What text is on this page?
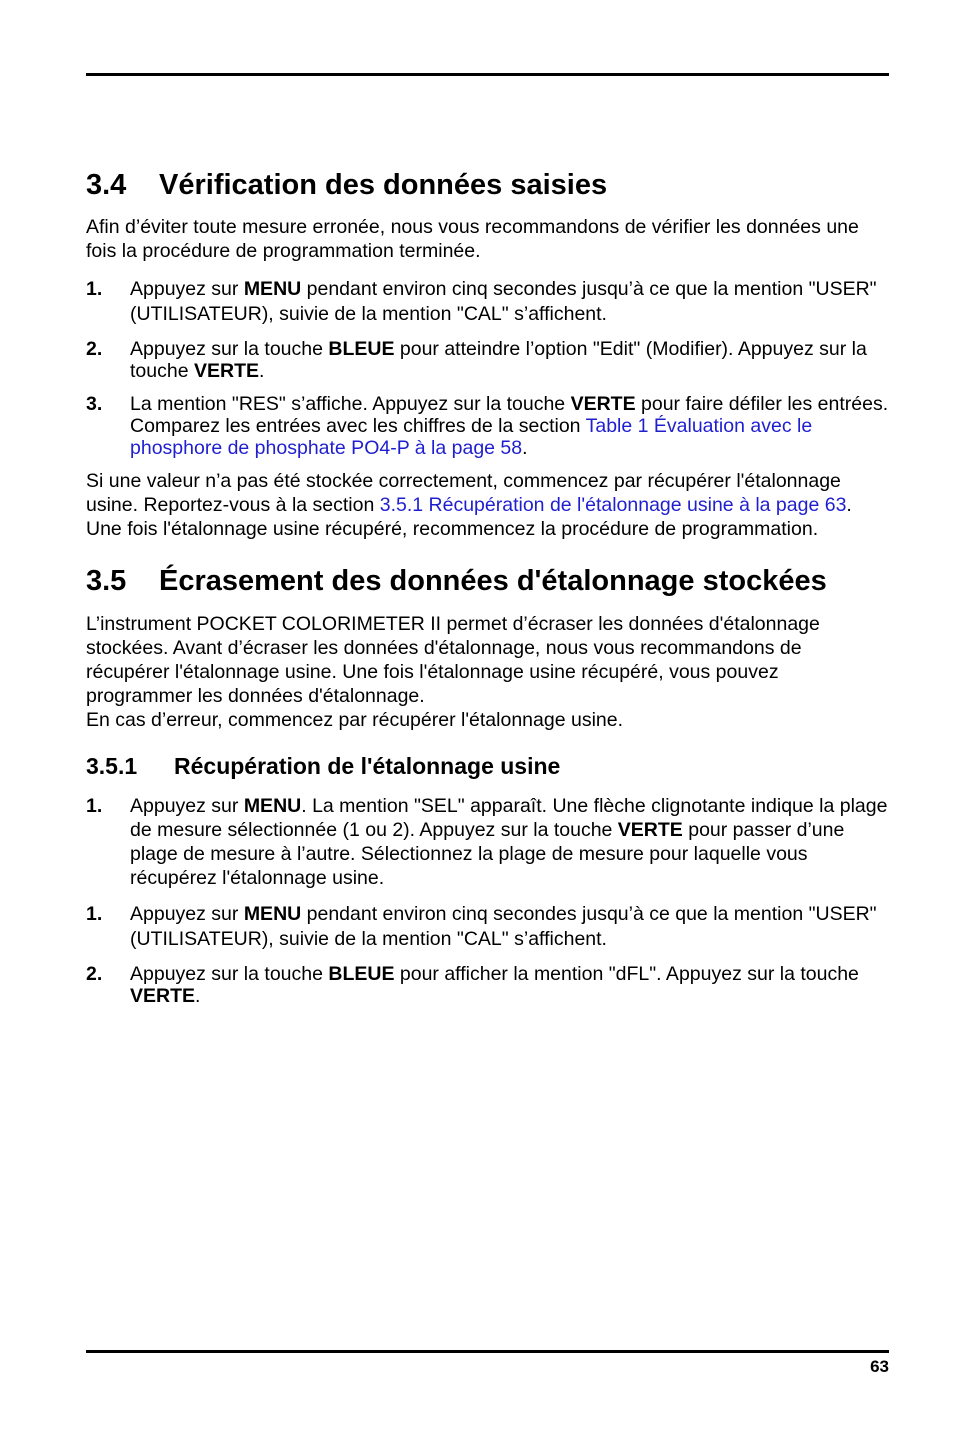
3.4 Vérification des données saisies

Afin d’éviter toute mesure erronée, nous vous recommandons de vérifier les données une fois la procédure de programmation terminée.

1.	Appuyez sur MENU pendant environ cinq secondes jusqu’à ce que la mention "USER" (UTILISATEUR), suivie de la mention "CAL" s’affichent.
2.	Appuyez sur la touche BLEUE pour atteindre l’option "Edit" (Modifier). Appuyez sur la touche VERTE.
3.	La mention "RES" s’affiche. Appuyez sur la touche VERTE pour faire défiler les entrées. Comparez les entrées avec les chiffres de la section Table 1 Évaluation avec le phosphore de phosphate PO4-P à la page 58.

Si une valeur n’a pas été stockée correctement, commencez par récupérer l'étalonnage usine. Reportez-vous à la section 3.5.1 Récupération de l'étalonnage usine à la page 63. Une fois l'étalonnage usine récupéré, recommencez la procédure de programmation.

3.5 Écrasement des données d'étalonnage stockées

L’instrument POCKET COLORIMETER II permet d’écraser les données d'étalonnage stockées. Avant d’écraser les données d'étalonnage, nous vous recommandons de récupérer l'étalonnage usine. Une fois l'étalonnage usine récupéré, vous pouvez programmer les données d'étalonnage.

En cas d’erreur, commencez par récupérer l'étalonnage usine.

3.5.1 Récupération de l'étalonnage usine
1.	Appuyez sur MENU. La mention "SEL" apparaît. Une flèche clignotante indique la plage de mesure sélectionnée (1 ou 2). Appuyez sur la touche VERTE pour passer d’une plage de mesure à l’autre. Sélectionnez la plage de mesure pour laquelle vous récupérez l'étalonnage usine.
1.	Appuyez sur MENU pendant environ cinq secondes jusqu’à ce que la mention "USER" (UTILISATEUR), suivie de la mention "CAL" s’affichent.
2.	Appuyez sur la touche BLEUE pour afficher la mention "dFL". Appuyez sur la touche VERTE.
63
